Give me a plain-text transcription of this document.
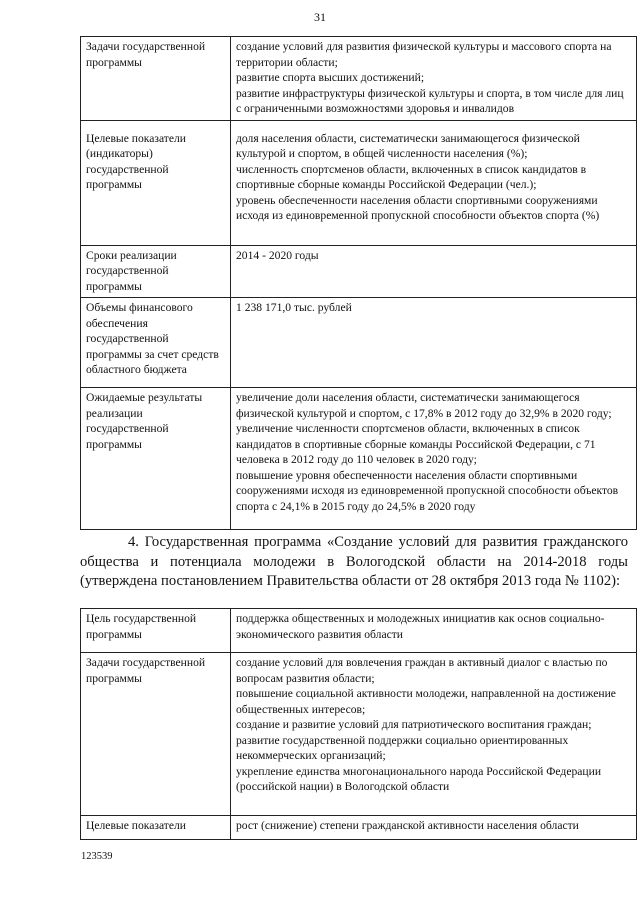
31
Задачи государственной программы	создание условий для развития физической культуры и массового спорта на территории области;
развитие спорта высших достижений;
развитие инфраструктуры физической культуры и спорта, в том числе для лиц с ограниченными возможностями здоровья и инвалидов

Целевые показатели (индикаторы) государственной программы	доля населения области, систематически занимающегося физической культурой и спортом, в общей численности населения (%);
численность спортсменов области, включенных в список кандидатов в спортивные сборные команды Российской Федерации (чел.);
уровень обеспеченности населения области спортивными сооружениями исходя из единовременной пропускной способности объектов спорта (%)

Сроки реализации государственной программы	2014 - 2020 годы

Объемы финансового обеспечения государственной программы за счет средств областного бюджета	1 238 171,0 тыс. рублей

Ожидаемые результаты реализации государственной программы	увеличение доли населения области, систематически занимающегося физической культурой и спортом, с 17,8% в 2012 году до 32,9% в 2020 году;
увеличение численности спортсменов области, включенных в список кандидатов в спортивные сборные команды Российской Федерации, с 71 человека в 2012 году до 110 человек в 2020 году;
повышение уровня обеспеченности населения области спортивными сооружениями исходя из единовременной пропускной способности объектов спорта с 24,1% в 2015 году до 24,5% в 2020 году
4. Государственная программа «Создание условий для развития гражданского общества и потенциала молодежи в Вологодской области на 2014-2018 годы (утверждена постановлением Правительства области от 28 октября 2013 года № 1102):
Цель государственной программы	поддержка общественных и молодежных инициатив как основ социально-экономического развития области

Задачи государственной программы	создание условий для вовлечения граждан в активный диалог с властью по вопросам развития области;
повышение социальной активности молодежи, направленной на достижение общественных интересов;
создание и развитие условий для патриотического воспитания граждан;
развитие государственной поддержки социально ориентированных некоммерческих организаций;
укрепление единства многонационального народа Российской Федерации (российской нации) в Вологодской области

Целевые показатели	рост (снижение) степени гражданской активности населения области
123539
